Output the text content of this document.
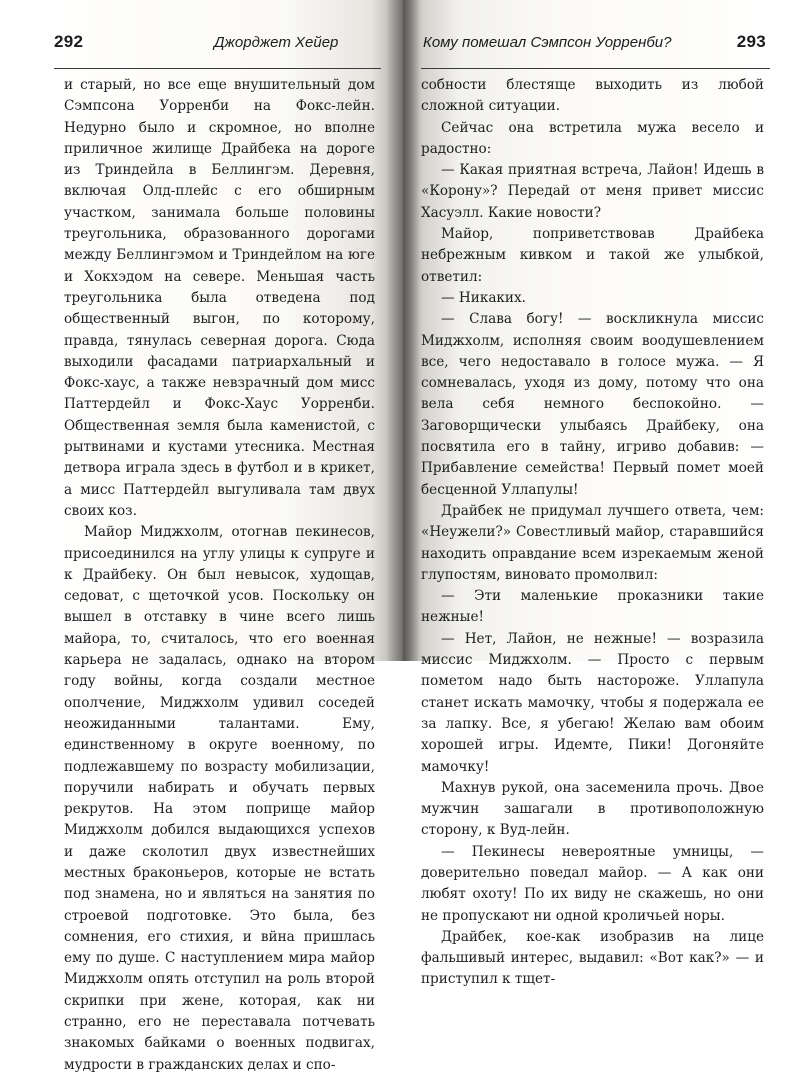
292	Джорджет Хейер

и старый, но все еще внушительный дом Сэмпсона Уорренби на Фокс-лейн. Недурно было и скромное, но вполне приличное жилище Драйбека на дороге из Триндейла в Беллингэм. Деревня, включая Олд-плейс с его обширным участком, занимала больше половины треугольника, образованного дорогами между Беллингэмом и Триндейлом на юге и Хокхэдом на севере. Меньшая часть треугольника была отведена под общественный выгон, по которому, правда, тянулась северная дорога. Сюда выходили фасадами патриархальный и Фокс-хаус, а также невзрачный дом мисс Паттердейл и Фокс-Хаус Уорренби. Общественная земля была каменистой, с рытвинами и кустами утесника. Местная детвора играла здесь в футбол и в крикет, а мисс Паттердейл выгуливала там двух своих коз.

Майор Миджхолм, отогнав пекинесов, присоединился на углу улицы к супруге и к Драйбеку. Он был невысок, худощав, седоват, с щеточкой усов. Поскольку он вышел в отставку в чине всего лишь майора, то, считалось, что его военная карьера не задалась, однако на втором году войны, когда создали местное ополчение, Миджхолм удивил соседей неожиданными талантами. Ему, единственному в округе военному, по подлежавшему по возрасту мобилизации, поручили набирать и обучать первых рекрутов. На этом поприще майор Миджхолм добился выдающихся успехов и даже сколотил двух известнейших местных браконьеров, которые не встать под знамена, но и являться на занятия по строевой подготовке. Это была, без сомнения, его стихия, и вйна пришлась ему по душе. С наступлением мира майор Миджхолм опять отступил на роль второй скрипки при жене, которая, как ни странно, его не переставала потчевать знакомых байками о военных подвигах, мудрости в гражданских делах и спо-

Кому помешал Сэмпсон Уорренби?	293

собности блестяще выходить из любой сложной ситуации.

Сейчас она встретила мужа весело и радостно:

— Какая приятная встреча, Лайон! Идешь в «Корону»? Передай от меня привет миссис Хасуэлл. Какие новости?

Майор, поприветствовав Драйбека небрежным кивком и такой же улыбкой, ответил:

— Никаких.

— Слава богу! — воскликнула миссис Миджхолм, исполняя своим воодушевлением все, чего недоставало в голосе мужа. — Я сомневалась, уходя из дому, потому что она вела себя немного беспокойно. — Заговорщически улыбаясь Драйбеку, она посвятила его в тайну, игриво добавив: — Прибавление семейства! Первый помет моей бесценной Уллапулы!

Драйбек не придумал лучшего ответа, чем: «Неужели?» Совестливый майор, старавшийся находить оправдание всем изрекаемым женой глупостям, виновато промолвил:

— Эти маленькие проказники такие нежные!

— Нет, Лайон, не нежные! — возразила миссис Миджхолм. — Просто с первым пометом надо быть настороже. Уллапула станет искать мамочку, чтобы я подержала ее за лапку. Все, я убегаю! Желаю вам обоим хорошей игры. Идемте, Пики! Догоняйте мамочку!

Махнув рукой, она засеменила прочь. Двое мужчин зашагали в противоположную сторону, к Вуд-лейн.

— Пекинесы невероятные умницы, — доверительно поведал майор. — А как они любят охоту! По их виду не скажешь, но они не пропускают ни одной кроличьей норы.

Драйбек, кое-как изобразив на лице фальшивый интерес, выдавил: «Вот как?» — и приступил к тщет-
